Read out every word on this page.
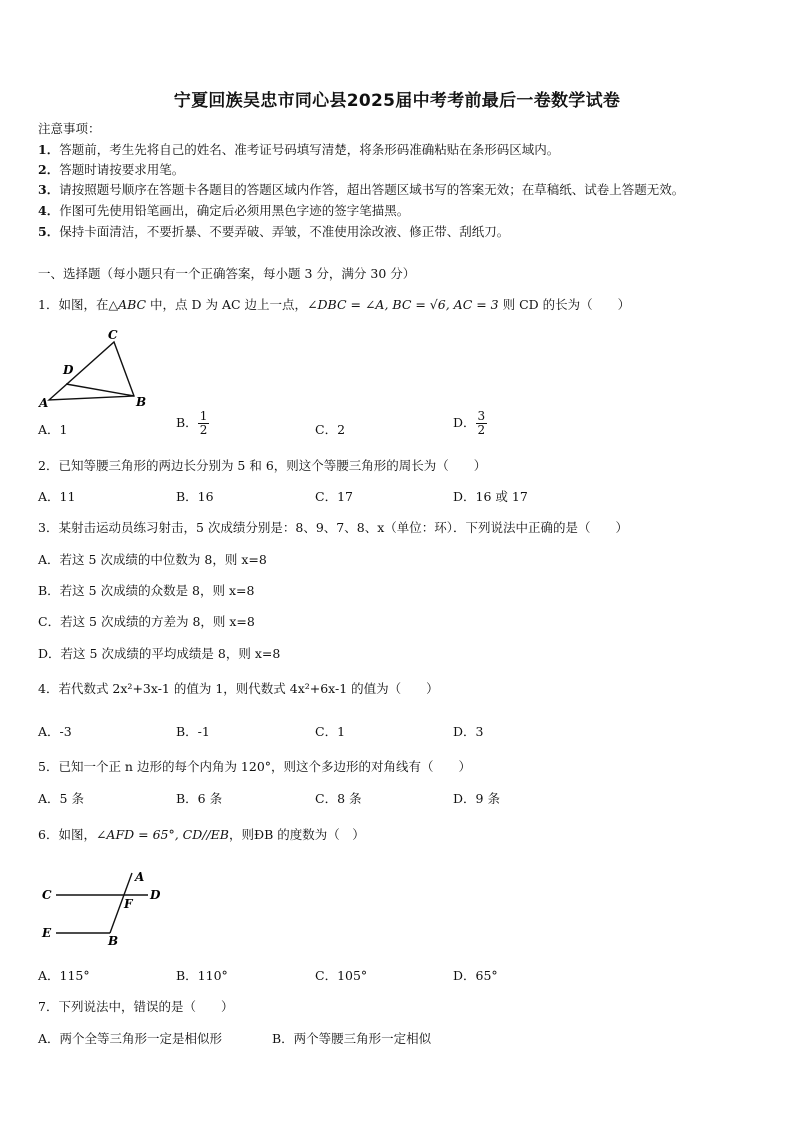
宁夏回族吴忠市同心县2025届中考考前最后一卷数学试卷
注意事项：
1．答题前，考生先将自己的姓名、准考证号码填写清楚，将条形码准确粘贴在条形码区域内。
2．答题时请按要求用笔。
3．请按照题号顺序在答题卡各题目的答题区域内作答，超出答题区域书写的答案无效；在草稿纸、试卷上答题无效。
4．作图可先使用铅笔画出，确定后必须用黑色字迹的签字笔描黑。
5．保持卡面清洁，不要折暴、不要弄破、弄皱，不准使用涂改液、修正带、刮纸刀。
一、选择题（每小题只有一个正确答案，每小题 3 分，满分 30 分）
1．如图，在△ABC 中，点 D 为 AC 边上一点，∠DBC = ∠A, BC = √6, AC = 3 则 CD 的长为（　　）
C
D
A	B
A．1	B． $\frac{1}{2}$	C．2	D． $\frac{3}{2}$
2．已知等腰三角形的两边长分别为 5 和 6，则这个等腰三角形的周长为（　　）
A．11	B．16	C．17	D．16 或 17
3．某射击运动员练习射击，5 次成绩分别是：8、9、7、8、x（单位：环）．下列说法中正确的是（　　）
A．若这 5 次成绩的中位数为 8，则 x=8
B．若这 5 次成绩的众数是 8，则 x=8
C．若这 5 次成绩的方差为 8，则 x=8
D．若这 5 次成绩的平均成绩是 8，则 x=8
4．若代数式 2x²+3x-1 的值为 1，则代数式 4x²+6x-1 的值为（　　）
A．-3	B．-1	C．1	D．3
5．已知一个正 n 边形的每个内角为 120°，则这个多边形的对角线有（　　）
A．5 条	B．6 条	C．8 条	D．9 条
6．如图，∠AFD = 65°, CD//EB，则ÐB 的度数为（　）
A
C	D
F
E
B
A．115°	B．110°	C．105°	D．65°
7．下列说法中，错误的是（　　）
A．两个全等三角形一定是相似形	B．两个等腰三角形一定相似
